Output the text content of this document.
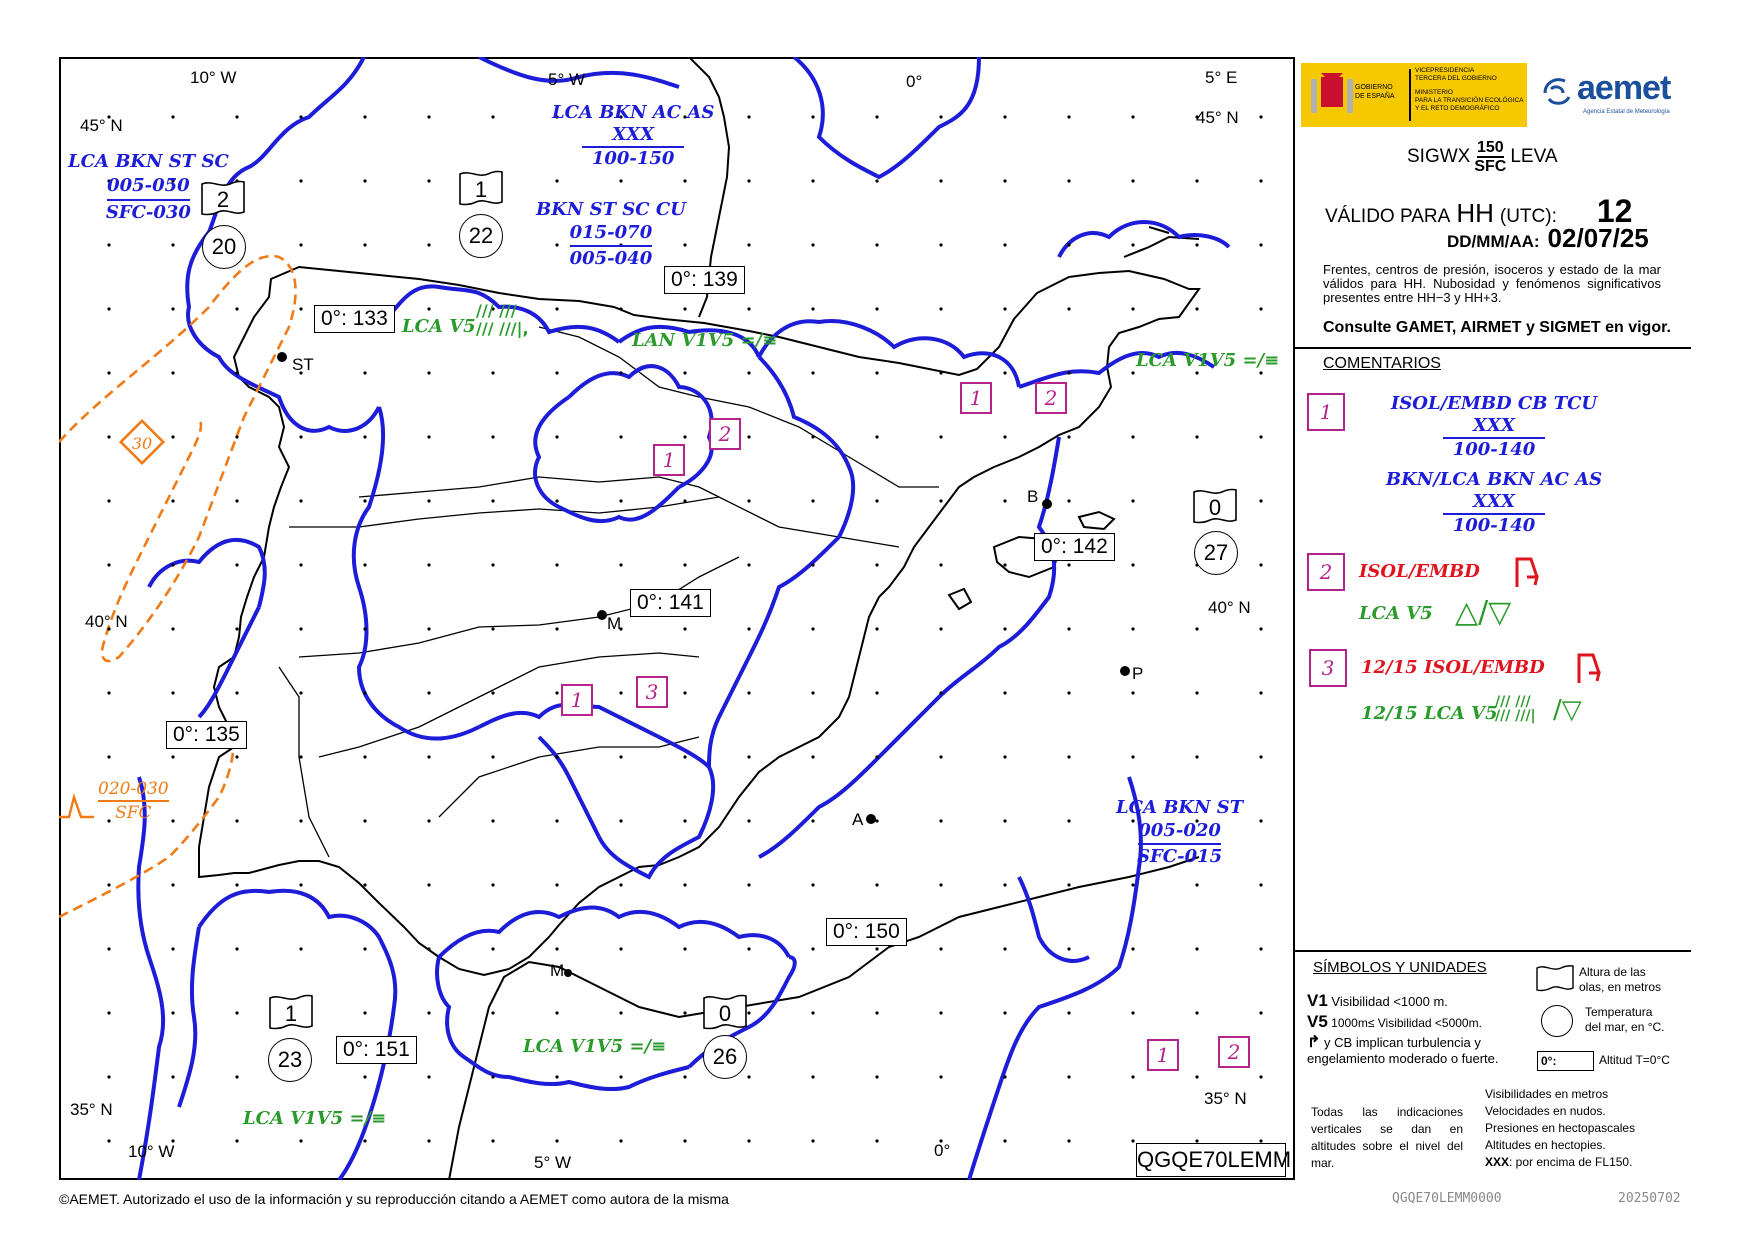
30
10° W	5° W	0°	5° E
45° N	45° N
40° N
40° N
35° N
35° N
10° W
5° W
0°
ST
M
B
P
A
M
0°: 133
0°: 139
0°: 141
0°: 142
0°: 135
0°: 150
0°: 151
LCA BKN ST SC
005-050
SFC-030
LCA BKN AC AS
XXX
100-150
BKN ST SC CU
015-070
005-040
LCA BKN ST
005-020
SFC-015
020-030
SFC
LCA V5
/// ///
/// ///|,
LAN V1V5 =/≡
LCA V1V5 =/≡
LCA V1V5 =/≡
LCA V1V5 =/≡
2	1
0
1	0
20	22
27
23	26
1
2
1	2
1	3
1	2
QGQE70LEMM
GOBIERNO
DE ESPAÑA
VICEPRESIDENCIA
TERCERA DEL GOBIERNO
MINISTERIO
PARA LA TRANSICIÓN ECOLÓGICA
Y EL RETO DEMOGRÁFICO
aemet
Agencia Estatal de Meteorología
SIGWX 150
SFC LEVA
VÁLIDO PARA HH (UTC): 12
DD/MM/AA: 02/07/25
Frentes, centros de presión, isoceros y estado de la mar válidos para HH. Nubosidad y fenómenos significativos presentes entre HH−3 y HH+3.
Consulte GAMET, AIRMET y SIGMET en vigor.
COMENTARIOS
1	ISOL/EMBD CB TCU
XXX
100-140
BKN/LCA BKN AC AS
XXX
100-140
2	ISOL/EMBD
LCA V5 △/▽
3	12/15 ISOL/EMBD
12/15 LCA V5
/// ///
/// ///| /▽
SÍMBOLOS Y UNIDADES
V1 Visibilidad <1000 m.
V5 1000m≤ Visibilidad <5000m.
↱ y CB implican turbulencia y
engelamiento moderado o fuerte.
Altura de las
olas, en metros
Temperatura
del mar, en °C.
0°:	Altitud T=0°C
Todas las indicaciones verticales se dan en altitudes sobre el nivel del mar.
Visibilidades en metros
Velocidades en nudos.
Presiones en hectopascales
Altitudes en hectopies.
XXX: por encima de FL150.
©AEMET. Autorizado el uso de la información y su reproducción citando a AEMET como autora de la misma	QGQE70LEMM0000	20250702
